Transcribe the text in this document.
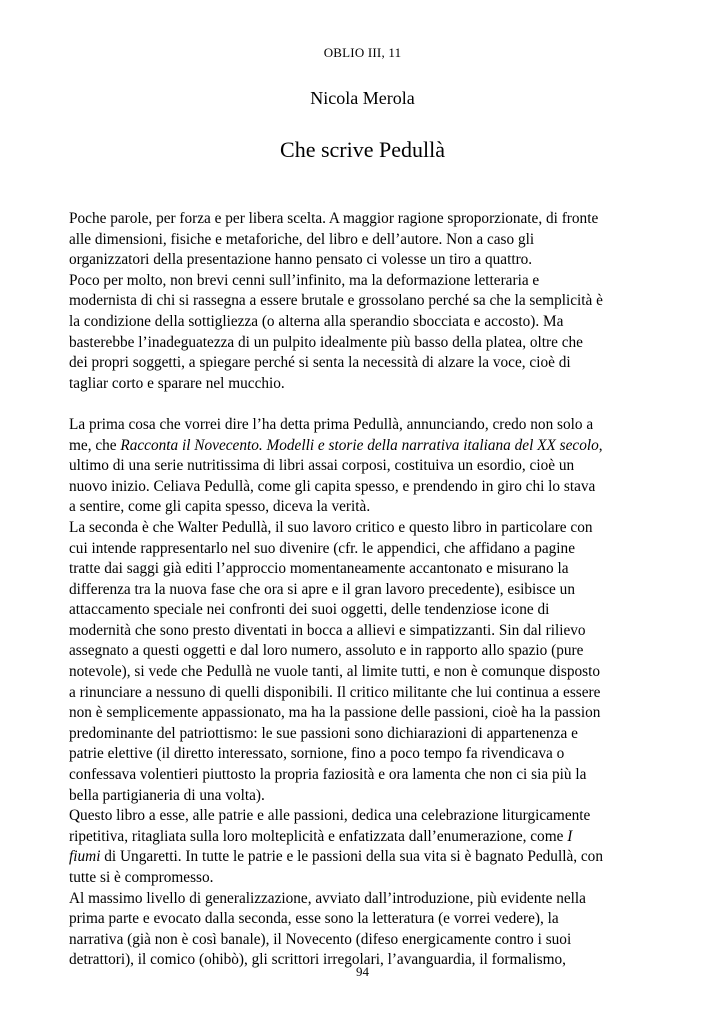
OBLIO III, 11
Nicola Merola
Che scrive Pedullà

Poche parole, per forza e per libera scelta. A maggior ragione sproporzionate, di fronte

alle dimensioni, fisiche e metaforiche, del libro e dell’autore. Non a caso gli

organizzatori della presentazione hanno pensato ci volesse un tiro a quattro.

Poco per molto, non brevi cenni sull’infinito, ma la deformazione letteraria e

modernista di chi si rassegna a essere brutale e grossolano perché sa che la semplicità è

la condizione della sottigliezza (o alterna alla sperandio sbocciata e accosto). Ma

basterebbe l’inadeguatezza di un pulpito idealmente più basso della platea, oltre che

dei propri soggetti, a spiegare perché si senta la necessità di alzare la voce, cioè di

tagliar corto e sparare nel mucchio.

La prima cosa che vorrei dire l’ha detta prima Pedullà, annunciando, credo non solo a

me, che Racconta il Novecento. Modelli e storie della narrativa italiana del XX secolo,

ultimo di una serie nutritissima di libri assai corposi, costituiva un esordio, cioè un

nuovo inizio. Celiava Pedullà, come gli capita spesso, e prendendo in giro chi lo stava

a sentire, come gli capita spesso, diceva la verità.

La seconda è che Walter Pedullà, il suo lavoro critico e questo libro in particolare con

cui intende rappresentarlo nel suo divenire (cfr. le appendici, che affidano a pagine

tratte dai saggi già editi l’approccio momentaneamente accantonato e misurano la

differenza tra la nuova fase che ora si apre e il gran lavoro precedente), esibisce un

attaccamento speciale nei confronti dei suoi oggetti, delle tendenziose icone di

modernità che sono presto diventati in bocca a allievi e simpatizzanti. Sin dal rilievo

assegnato a questi oggetti e dal loro numero, assoluto e in rapporto allo spazio (pure

notevole), si vede che Pedullà ne vuole tanti, al limite tutti, e non è comunque disposto

a rinunciare a nessuno di quelli disponibili. Il critico militante che lui continua a essere

non è semplicemente appassionato, ma ha la passione delle passioni, cioè ha la passion

predominante del patriottismo: le sue passioni sono dichiarazioni di appartenenza e

patrie elettive (il diretto interessato, sornione, fino a poco tempo fa rivendicava o

confessava volentieri piuttosto la propria faziosità e ora lamenta che non ci sia più la

bella partigianeria di una volta).

Questo libro a esse, alle patrie e alle passioni, dedica una celebrazione liturgicamente

ripetitiva, ritagliata sulla loro molteplicità e enfatizzata dall’enumerazione, come I

fiumi di Ungaretti. In tutte le patrie e le passioni della sua vita si è bagnato Pedullà, con

tutte si è compromesso.

Al massimo livello di generalizzazione, avviato dall’introduzione, più evidente nella

prima parte e evocato dalla seconda, esse sono la letteratura (e vorrei vedere), la

narrativa (già non è così banale), il Novecento (difeso energicamente contro i suoi

detrattori), il comico (ohibò), gli scrittori irregolari, l’avanguardia, il formalismo,

94
